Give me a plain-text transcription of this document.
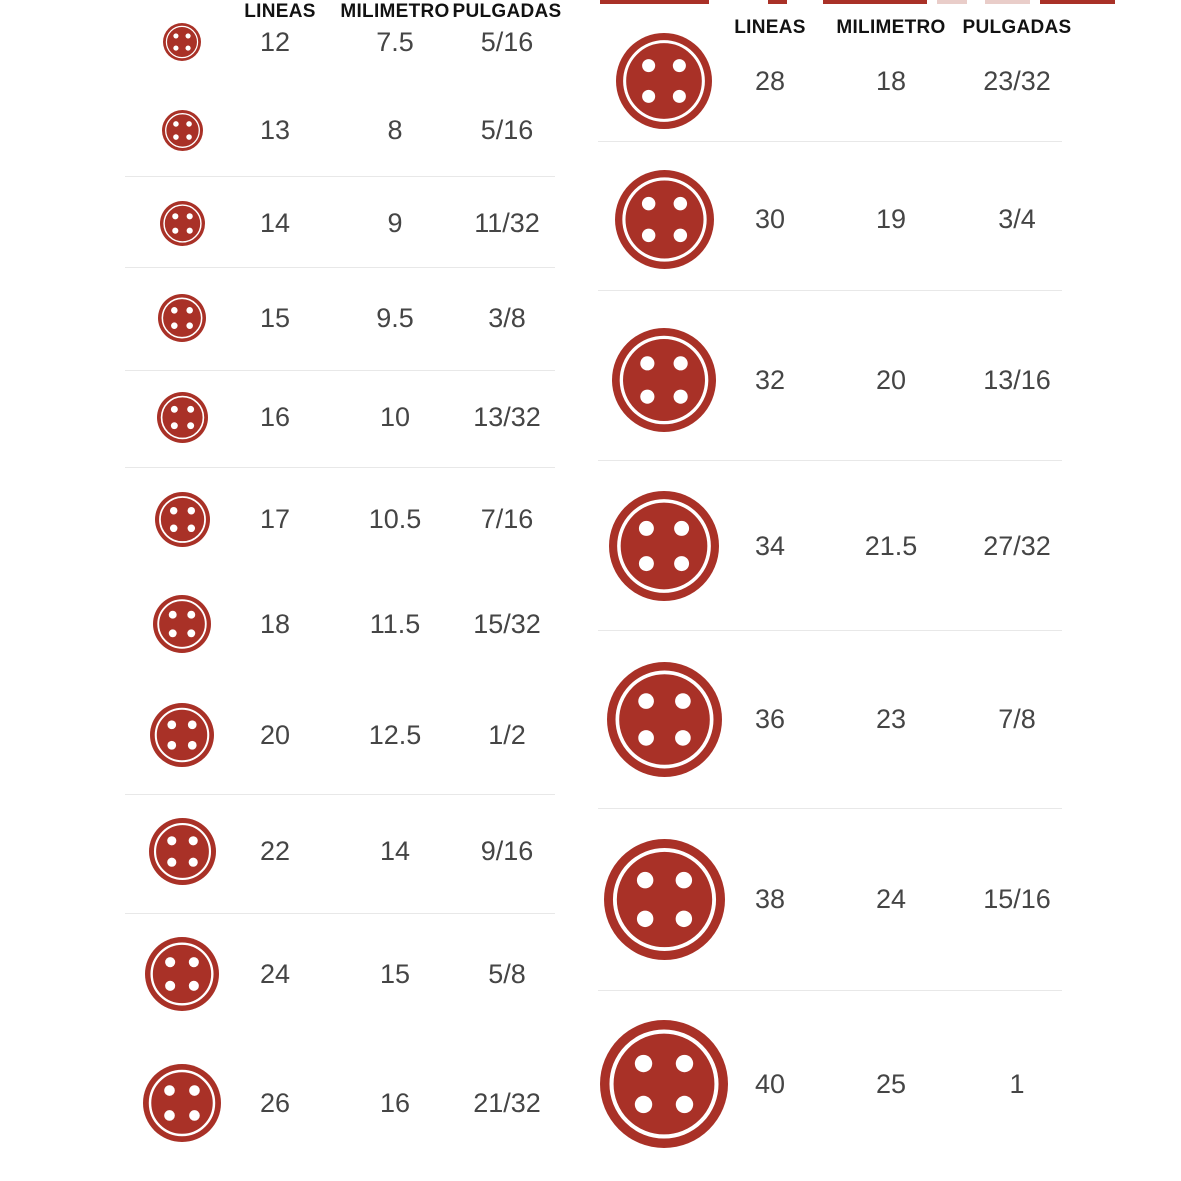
LINEAS	MILIMETRO PULGADAS
12	7.5	5/16
13	8	5/16
14	9	11/32
15	9.5	3/8
16	10	13/32
17	10.5	7/16
18	11.5	15/32
20	12.5	1/2
22	14	9/16
24	15	5/8
26	16	21/32
LINEAS	MILIMETRO PULGADAS
28	18	23/32
30	19	3/4
32	20	13/16
34	21.5	27/32
36	23	7/8
38	24	15/16
40	25	1
